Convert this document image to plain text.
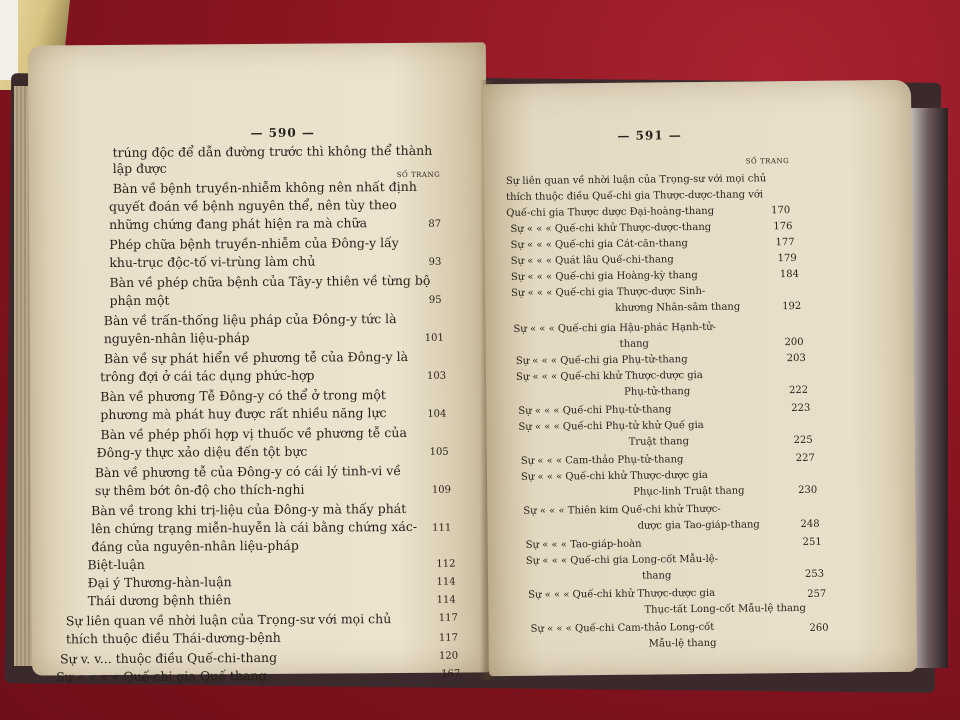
— 590 —
SỐ TRANG
trúng độc để dẫn đường trước thì không thể thành
lập được
Bàn về bệnh truyền-nhiễm không nên nhất định
quyết đoán về bệnh nguyên thể, nên tùy theo
những chứng đang phát hiện ra mà chữa
Phép chữa bệnh truyền-nhiễm của Đông-y lấy
khu-trục độc-tố vi-trùng làm chủ
Bàn về phép chữa bệnh của Tây-y thiên về từng bộ
phận một
Bàn về trấn-thống liệu pháp của Đông-y tức là
nguyên-nhân liệu-pháp
Bàn về sự phát hiển về phương tễ của Đông-y là
trông đợi ở cái tác dụng phức-hợp
Bàn về phương Tễ Đông-y có thể ở trong một
phương mà phát huy được rất nhiều năng lực
Bàn về phép phối hợp vị thuốc về phương tễ của
Đông-y thực xảo diệu đến tột bực
Bàn về phương tễ của Đông-y có cái lý tinh-vi về
sự thêm bớt ôn-độ cho thích-nghi
Bàn về trong khi trị-liệu của Đông-y mà thấy phát
lên chứng trạng miễn-huyễn là cái bằng chứng xác-
đáng của nguyên-nhân liệu-pháp
Biệt-luận
Đại ý Thương-hàn-luận
Thái dương bệnh thiên
Sự liên quan về nhời luận của Trọng-sư với mọi chủ
thích thuộc điều Thái-dương-bệnh
Sự v. v... thuộc điều Quế-chi-thang
Sự « « « « Quế-chi gia Quế thang
87
93
95
101
103
104
105
109
111
112
114
114
117
117
120
167
— 591 —
SỐ TRANG
Sự liên quan về nhời luận của Trọng-sư với mọi chủ
thích thuộc điều Quế-chi gia Thược-dược-thang với
Quế-chi gia Thược dược Đại-hoàng-thang
Sự « « « Quế-chi khử Thược-dược-thang
Sự « « « Quế-chi gia Cát-căn-thang
Sự « « « Quát lâu Quế-chi-thang
Sự « « « Quế-chi gia Hoàng-kỳ thang
Sự « « « Quế-chi gia Thược-dược Sinh-
khương Nhân-sâm thang
Sự « « « Quế-chi gia Hậu-phác Hạnh-tử-
thang
Sự « « « Quế-chi gia Phụ-tử-thang
Sự « « « Quế-chi khử Thược-dược gia
Phụ-tử-thang
Sự « « « Quế-chi Phụ-tử-thang
Sự « « « Quế-chi Phụ-tử khử Quế gia
Truật thang
Sự « « « Cam-thảo Phụ-tử-thang
Sự « « « Quế-chi khử Thược-dược gia
Phục-linh Truật thang
Sự « « « Thiên kim Quế-chi khử Thược-
dược gia Tao-giáp-thang
Sự « « « Tao-giáp-hoàn
Sự « « « Quế-chi gia Long-cốt Mẫu-lệ-
thang
Sự « « « Quế-chi khử Thược-dược gia
Thục-tất Long-cốt Mẫu-lệ thang
Sự « « « Quế-chi Cam-thảo Long-cốt
Mẫu-lệ thang
170
176
177
179
184
192
200
203
222
223
225
227
230
248
251
253
257
260
